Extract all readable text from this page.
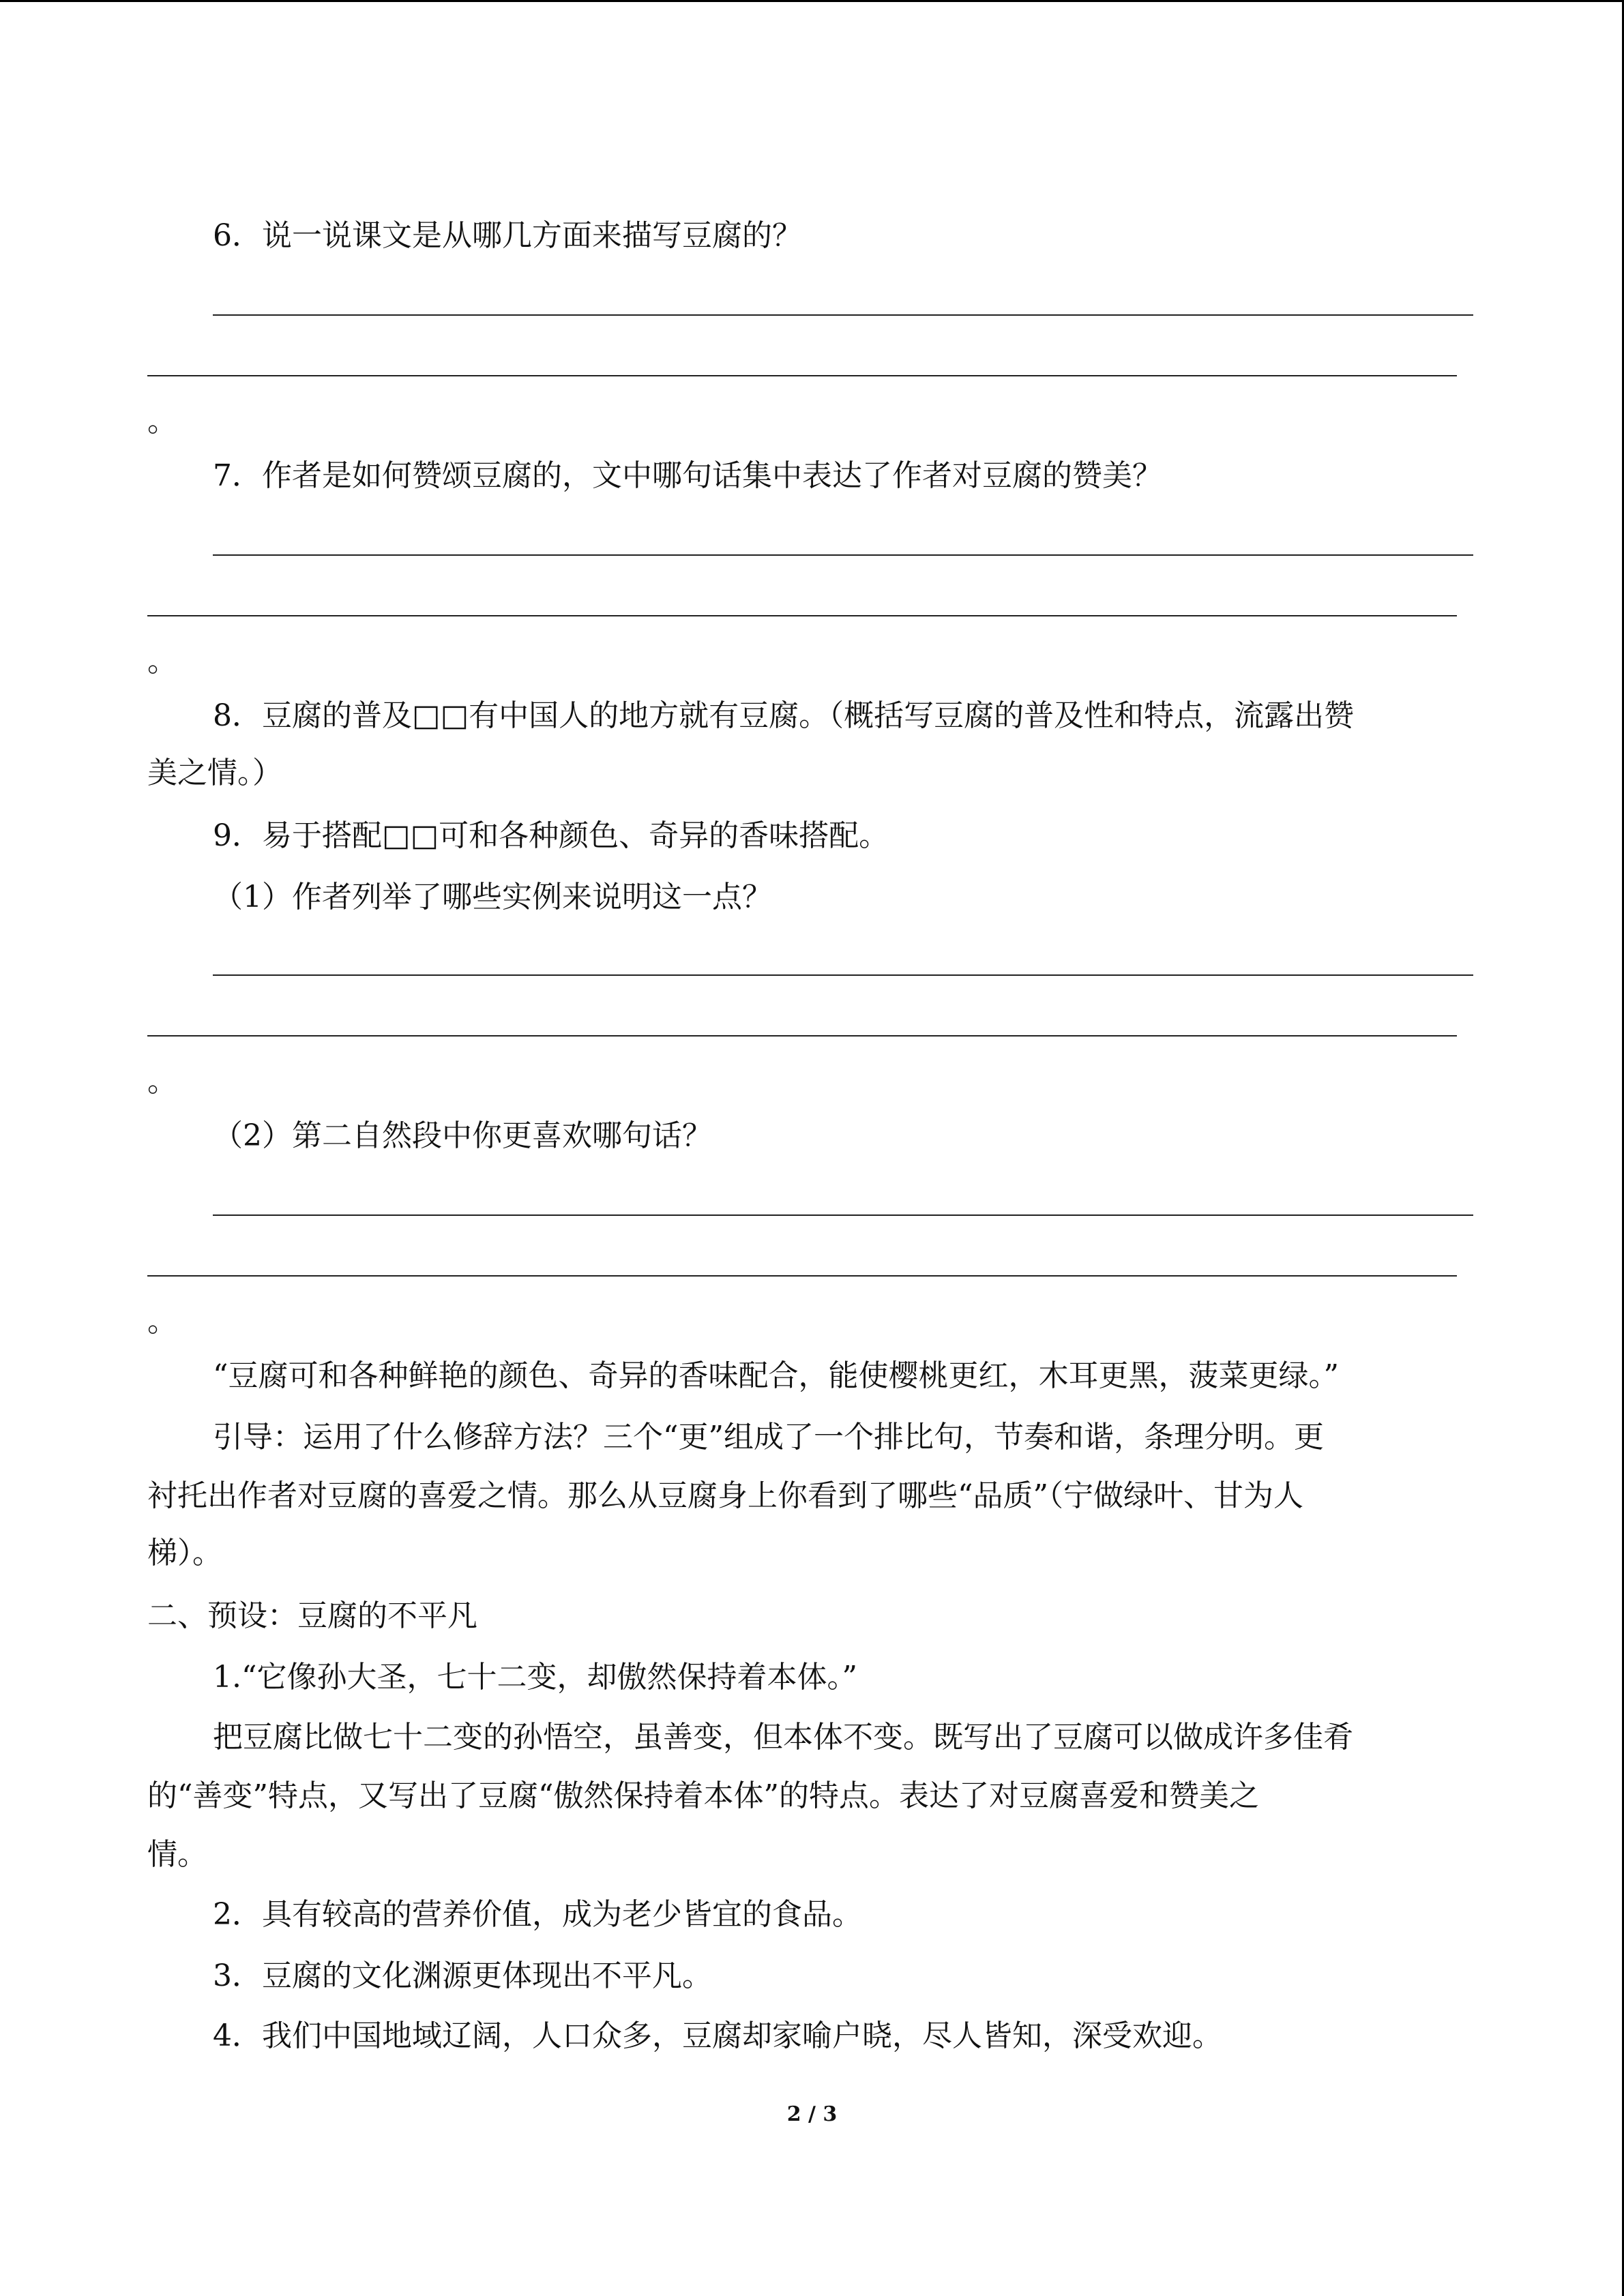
6．说一说课文是从哪几方面来描写豆腐的？
。
7．作者是如何赞颂豆腐的，文中哪句话集中表达了作者对豆腐的赞美？
。
8．豆腐的普及□□有中国人的地方就有豆腐。（概括写豆腐的普及性和特点，流露出赞
美之情。）
9．易于搭配□□可和各种颜色、奇异的香味搭配。
（1）作者列举了哪些实例来说明这一点？
。
（2）第二自然段中你更喜欢哪句话？
。
“豆腐可和各种鲜艳的颜色、奇异的香味配合，能使樱桃更红，木耳更黑，菠菜更绿。”
引导：运用了什么修辞方法？三个“更”组成了一个排比句，节奏和谐，条理分明。更
衬托出作者对豆腐的喜爱之情。那么从豆腐身上你看到了哪些“品质”（宁做绿叶、甘为人
梯）。
二、预设：豆腐的不平凡
1.“它像孙大圣，七十二变，却傲然保持着本体。”
把豆腐比做七十二变的孙悟空，虽善变，但本体不变。既写出了豆腐可以做成许多佳肴
的“善变”特点，又写出了豆腐“傲然保持着本体”的特点。表达了对豆腐喜爱和赞美之
情。
2．具有较高的营养价值，成为老少皆宜的食品。
3．豆腐的文化渊源更体现出不平凡。
4．我们中国地域辽阔，人口众多，豆腐却家喻户晓，尽人皆知，深受欢迎。
2 / 3
